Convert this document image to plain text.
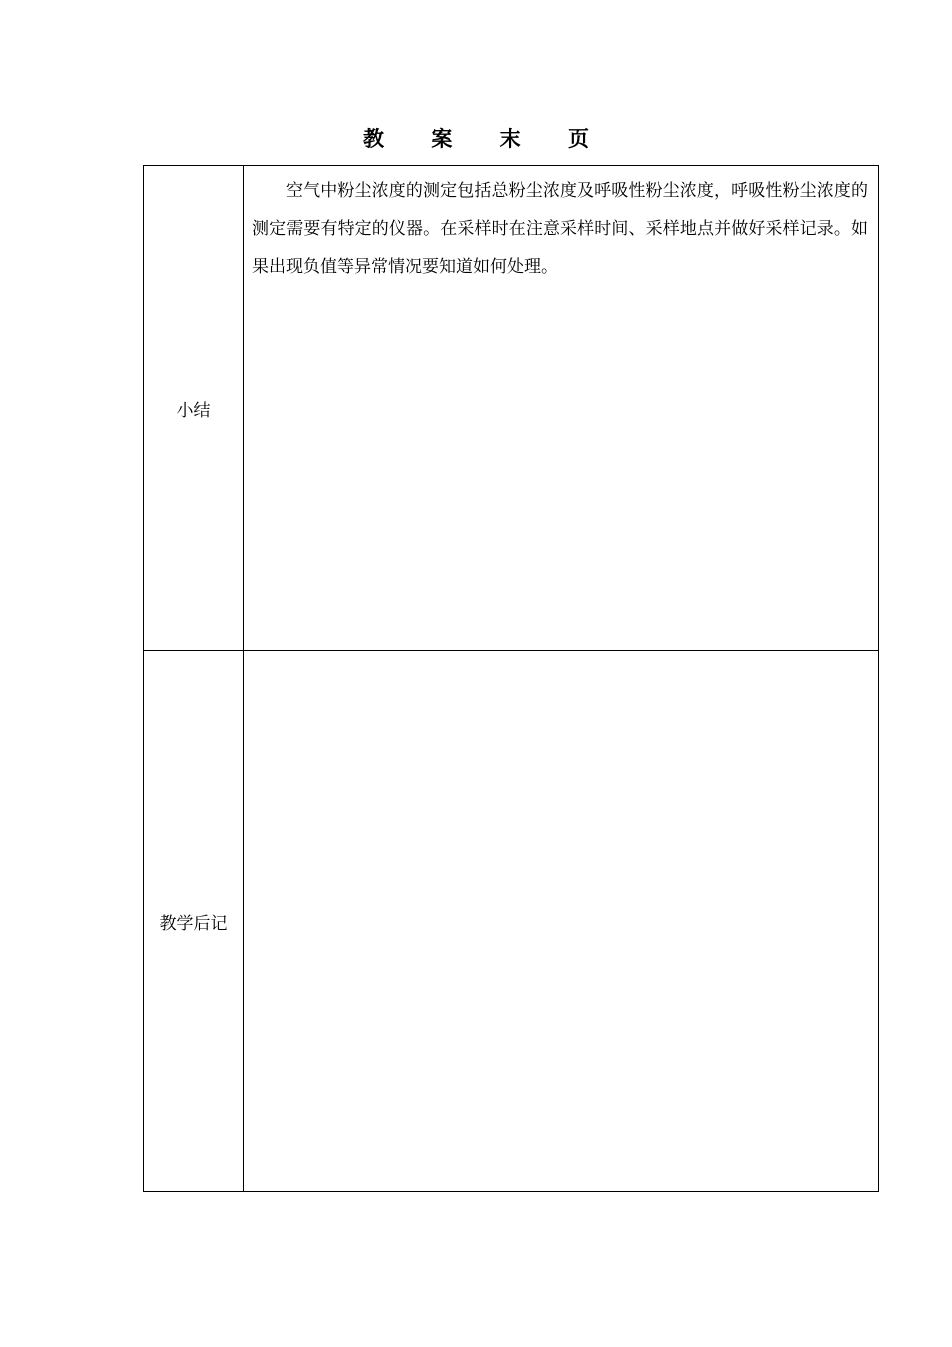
教 案 末 页
小结	空气中粉尘浓度的测定包括总粉尘浓度及呼吸性粉尘浓度，呼吸性粉尘浓度的测定需要有特定的仪器。在采样时在注意采样时间、采样地点并做好采样记录。如果出现负值等异常情况要知道如何处理。

教学后记	
